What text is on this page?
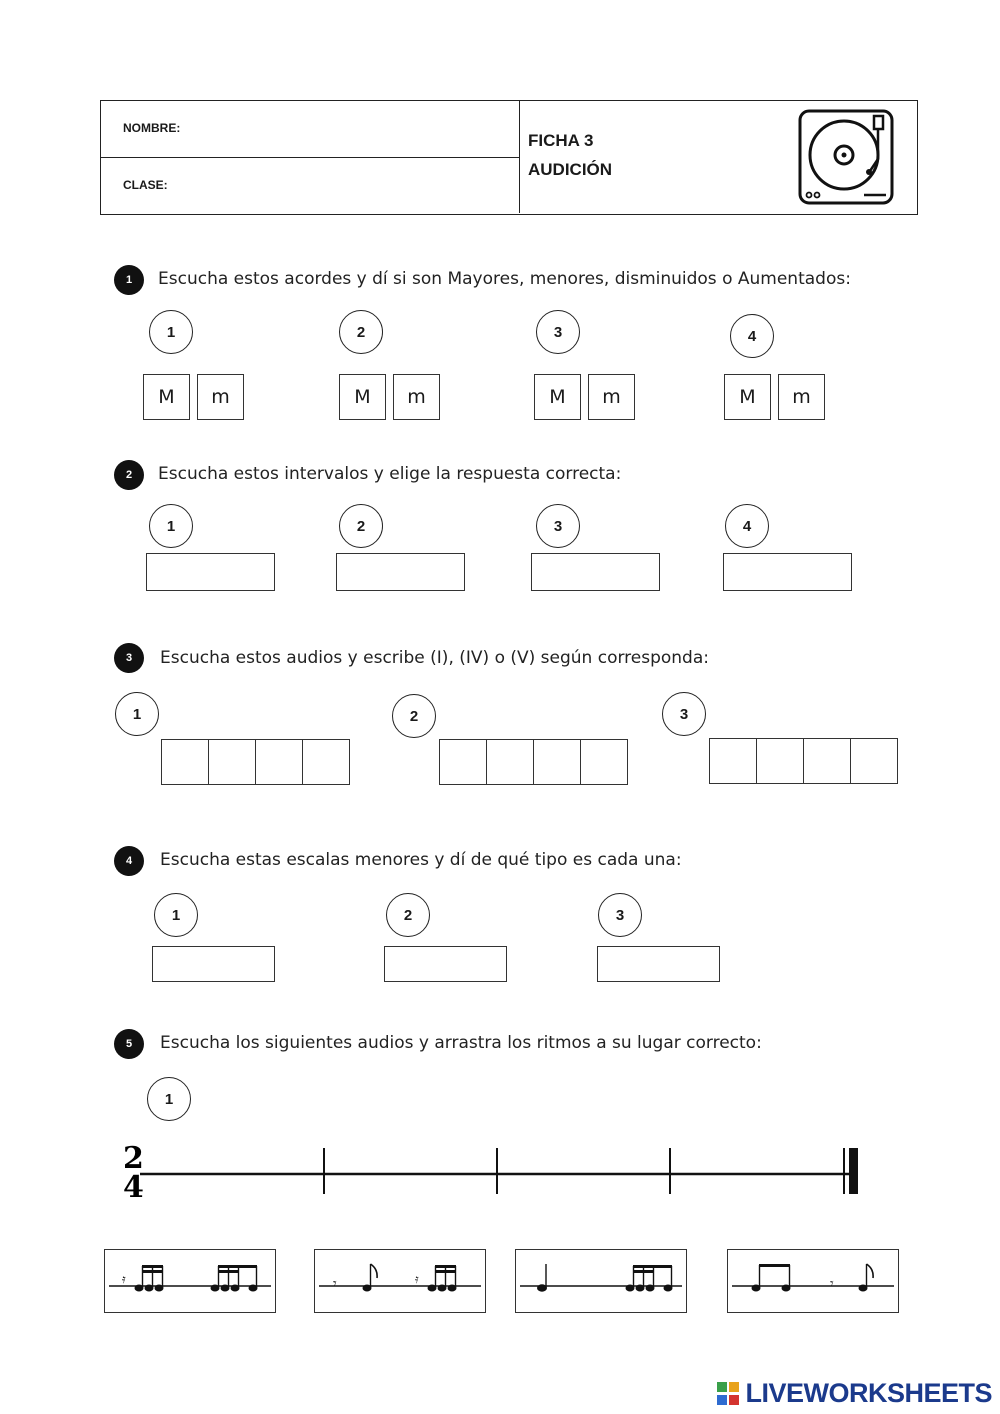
NOMBRE:
CLASE:
FICHA 3
AUDICIÓN
1	Escucha estos acordes y dí si son Mayores, menores, disminuidos o Aumentados:
1	2	3	4
M	m	M	m	M	m	M	m
2	Escucha estos intervalos y elige la respuesta correcta:
1	2	3	4
3	Escucha estos audios y escribe (I), (IV) o (V) según corresponda:
1	2	3
4	Escucha estas escalas menores y dí de qué tipo es cada una:
1	2	3
5	Escucha los siguientes audios y arrastra los ritmos a su lugar correcto:
1
2
4
𝄿	𝄾	𝄿	𝄾
LIVEWORKSHEETS
